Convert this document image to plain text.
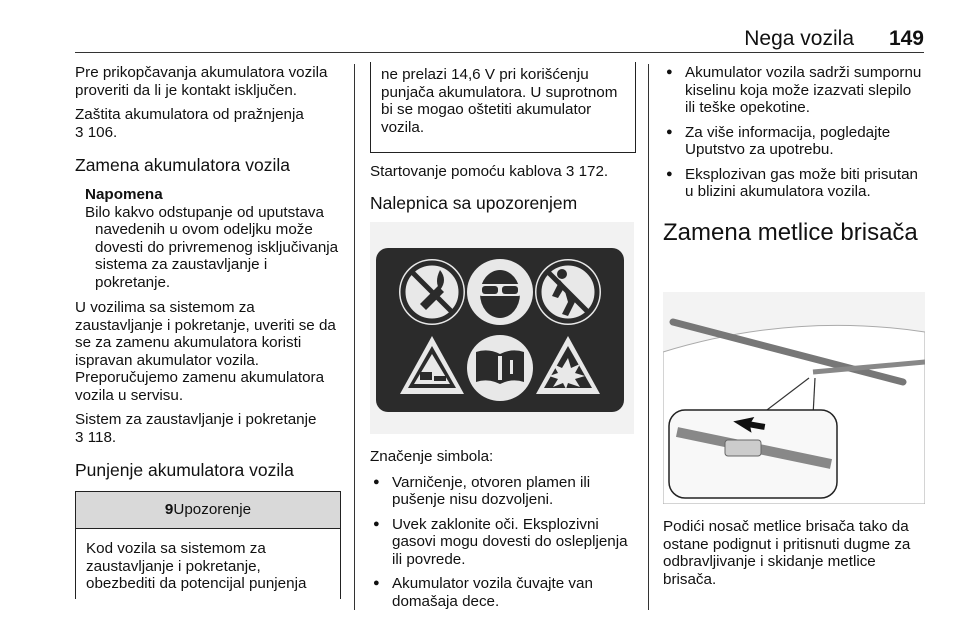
Nega vozila 149

Pre prikopčavanja akumulatora vozila proveriti da li je kontakt isključen.

Zaštita akumulatora od pražnjenja
3 106.

Zamena akumulatora vozila
Napomena
Bilo kakvo odstupanje od uputstava navedenih u ovom odeljku može dovesti do privremenog isključivanja sistema za zaustavljanje i pokretanje.

U vozilima sa sistemom za zaustavljanje i pokretanje, uveriti se da se za zamenu akumulatora koristi ispravan akumulator vozila. Preporučujemo zamenu akumulatora vozila u servisu.

Sistem za zaustavljanje i pokretanje
3 118.

Punjenje akumulatora vozila
9Upozorenje
Kod vozila sa sistemom za zaustavljanje i pokretanje, obezbediti da potencijal punjenja
ne prelazi 14,6 V pri korišćenju punjača akumulatora. U suprotnom bi se mogao oštetiti akumulator vozila.

Startovanje pomoću kablova 3 172.

Nalepnica sa upozorenjem

Značenje simbola:

● Varničenje, otvoren plamen ili pušenje nisu dozvoljeni.
● Uvek zaklonite oči. Eksplozivni gasovi mogu dovesti do oslepljenja ili povrede.
● Akumulator vozila čuvajte van domašaja dece.
● Akumulator vozila sadrži sumpornu kiselinu koja može izazvati slepilo ili teške opekotine.
● Za više informacija, pogledajte Uputstvo za upotrebu.
● Eksplozivan gas može biti prisutan u blizini akumulatora vozila.
Zamena metlice brisača

Podići nosač metlice brisača tako da ostane podignut i pritisnuti dugme za odbravljivanje i skidanje metlice brisača.
